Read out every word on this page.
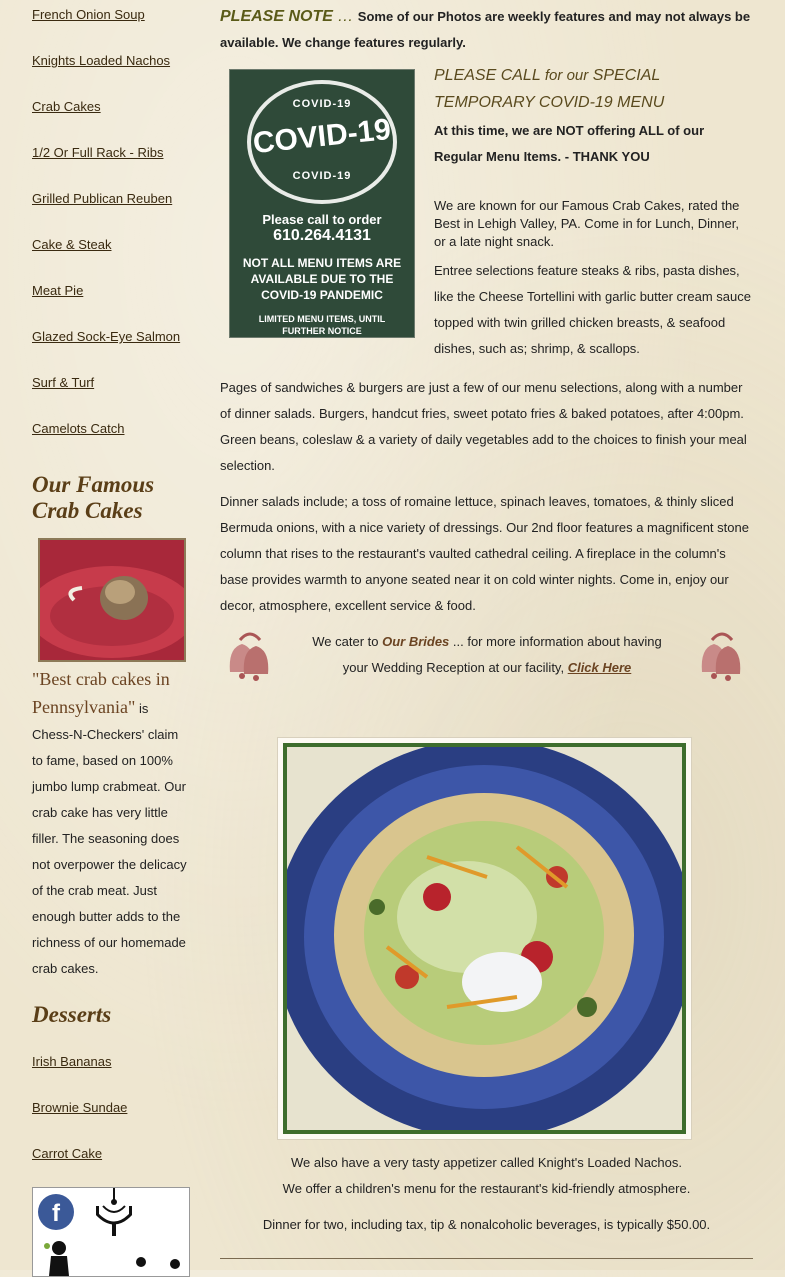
French Onion Soup
Knights Loaded Nachos
Crab Cakes
1/2 Or Full Rack - Ribs
Grilled Publican Reuben
Cake & Steak
Meat Pie
Glazed Sock-Eye Salmon
Surf & Turf
Camelots Catch
Our Famous
Crab Cakes
"Best crab cakes in Pennsylvania" is Chess-N-Checkers' claim to fame, based on 100% jumbo lump crabmeat. Our crab cake has very little filler. The seasoning does not overpower the delicacy of the crab meat. Just enough butter adds to the richness of our homemade crab cakes.
Desserts
Irish Bananas
Brownie Sundae
Carrot Cake
f
PLEASE NOTE … Some of our Photos are weekly features and may not always be available. We change features regularly.
COVID-19
COVID-19
COVID-19
Please call to order
610.264.4131
NOT ALL MENU ITEMS ARE AVAILABLE DUE TO THE COVID-19 PANDEMIC
LIMITED MENU ITEMS, UNTIL FURTHER NOTICE
PLEASE CALL for our SPECIAL TEMPORARY COVID-19 MENU
At this time, we are NOT offering ALL of our Regular Menu Items. - THANK YOU
We are known for our Famous Crab Cakes, rated the Best in Lehigh Valley, PA. Come in for Lunch, Dinner, or a late night snack.
Entree selections feature steaks & ribs, pasta dishes, like the Cheese Tortellini with garlic butter cream sauce topped with twin grilled chicken breasts, & seafood dishes, such as; shrimp, & scallops.
Pages of sandwiches & burgers are just a few of our menu selections, along with a number of dinner salads. Burgers, handcut fries, sweet potato fries & baked potatoes, after 4:00pm. Green beans, coleslaw & a variety of daily vegetables add to the choices to finish your meal selection.
Dinner salads include; a toss of romaine lettuce, spinach leaves, tomatoes, & thinly sliced Bermuda onions, with a nice variety of dressings. Our 2nd floor features a magnificent stone column that rises to the restaurant's vaulted cathedral ceiling. A fireplace in the column's base provides warmth to anyone seated near it on cold winter nights. Come in, enjoy our decor, atmosphere, excellent service & food.
We cater to Our Brides ... for more information about having your Wedding Reception at our facility, Click Here
We also have a very tasty appetizer called Knight's Loaded Nachos.
We offer a children's menu for the restaurant's kid-friendly atmosphere.
Dinner for two, including tax, tip & nonalcoholic beverages, is typically $50.00.
